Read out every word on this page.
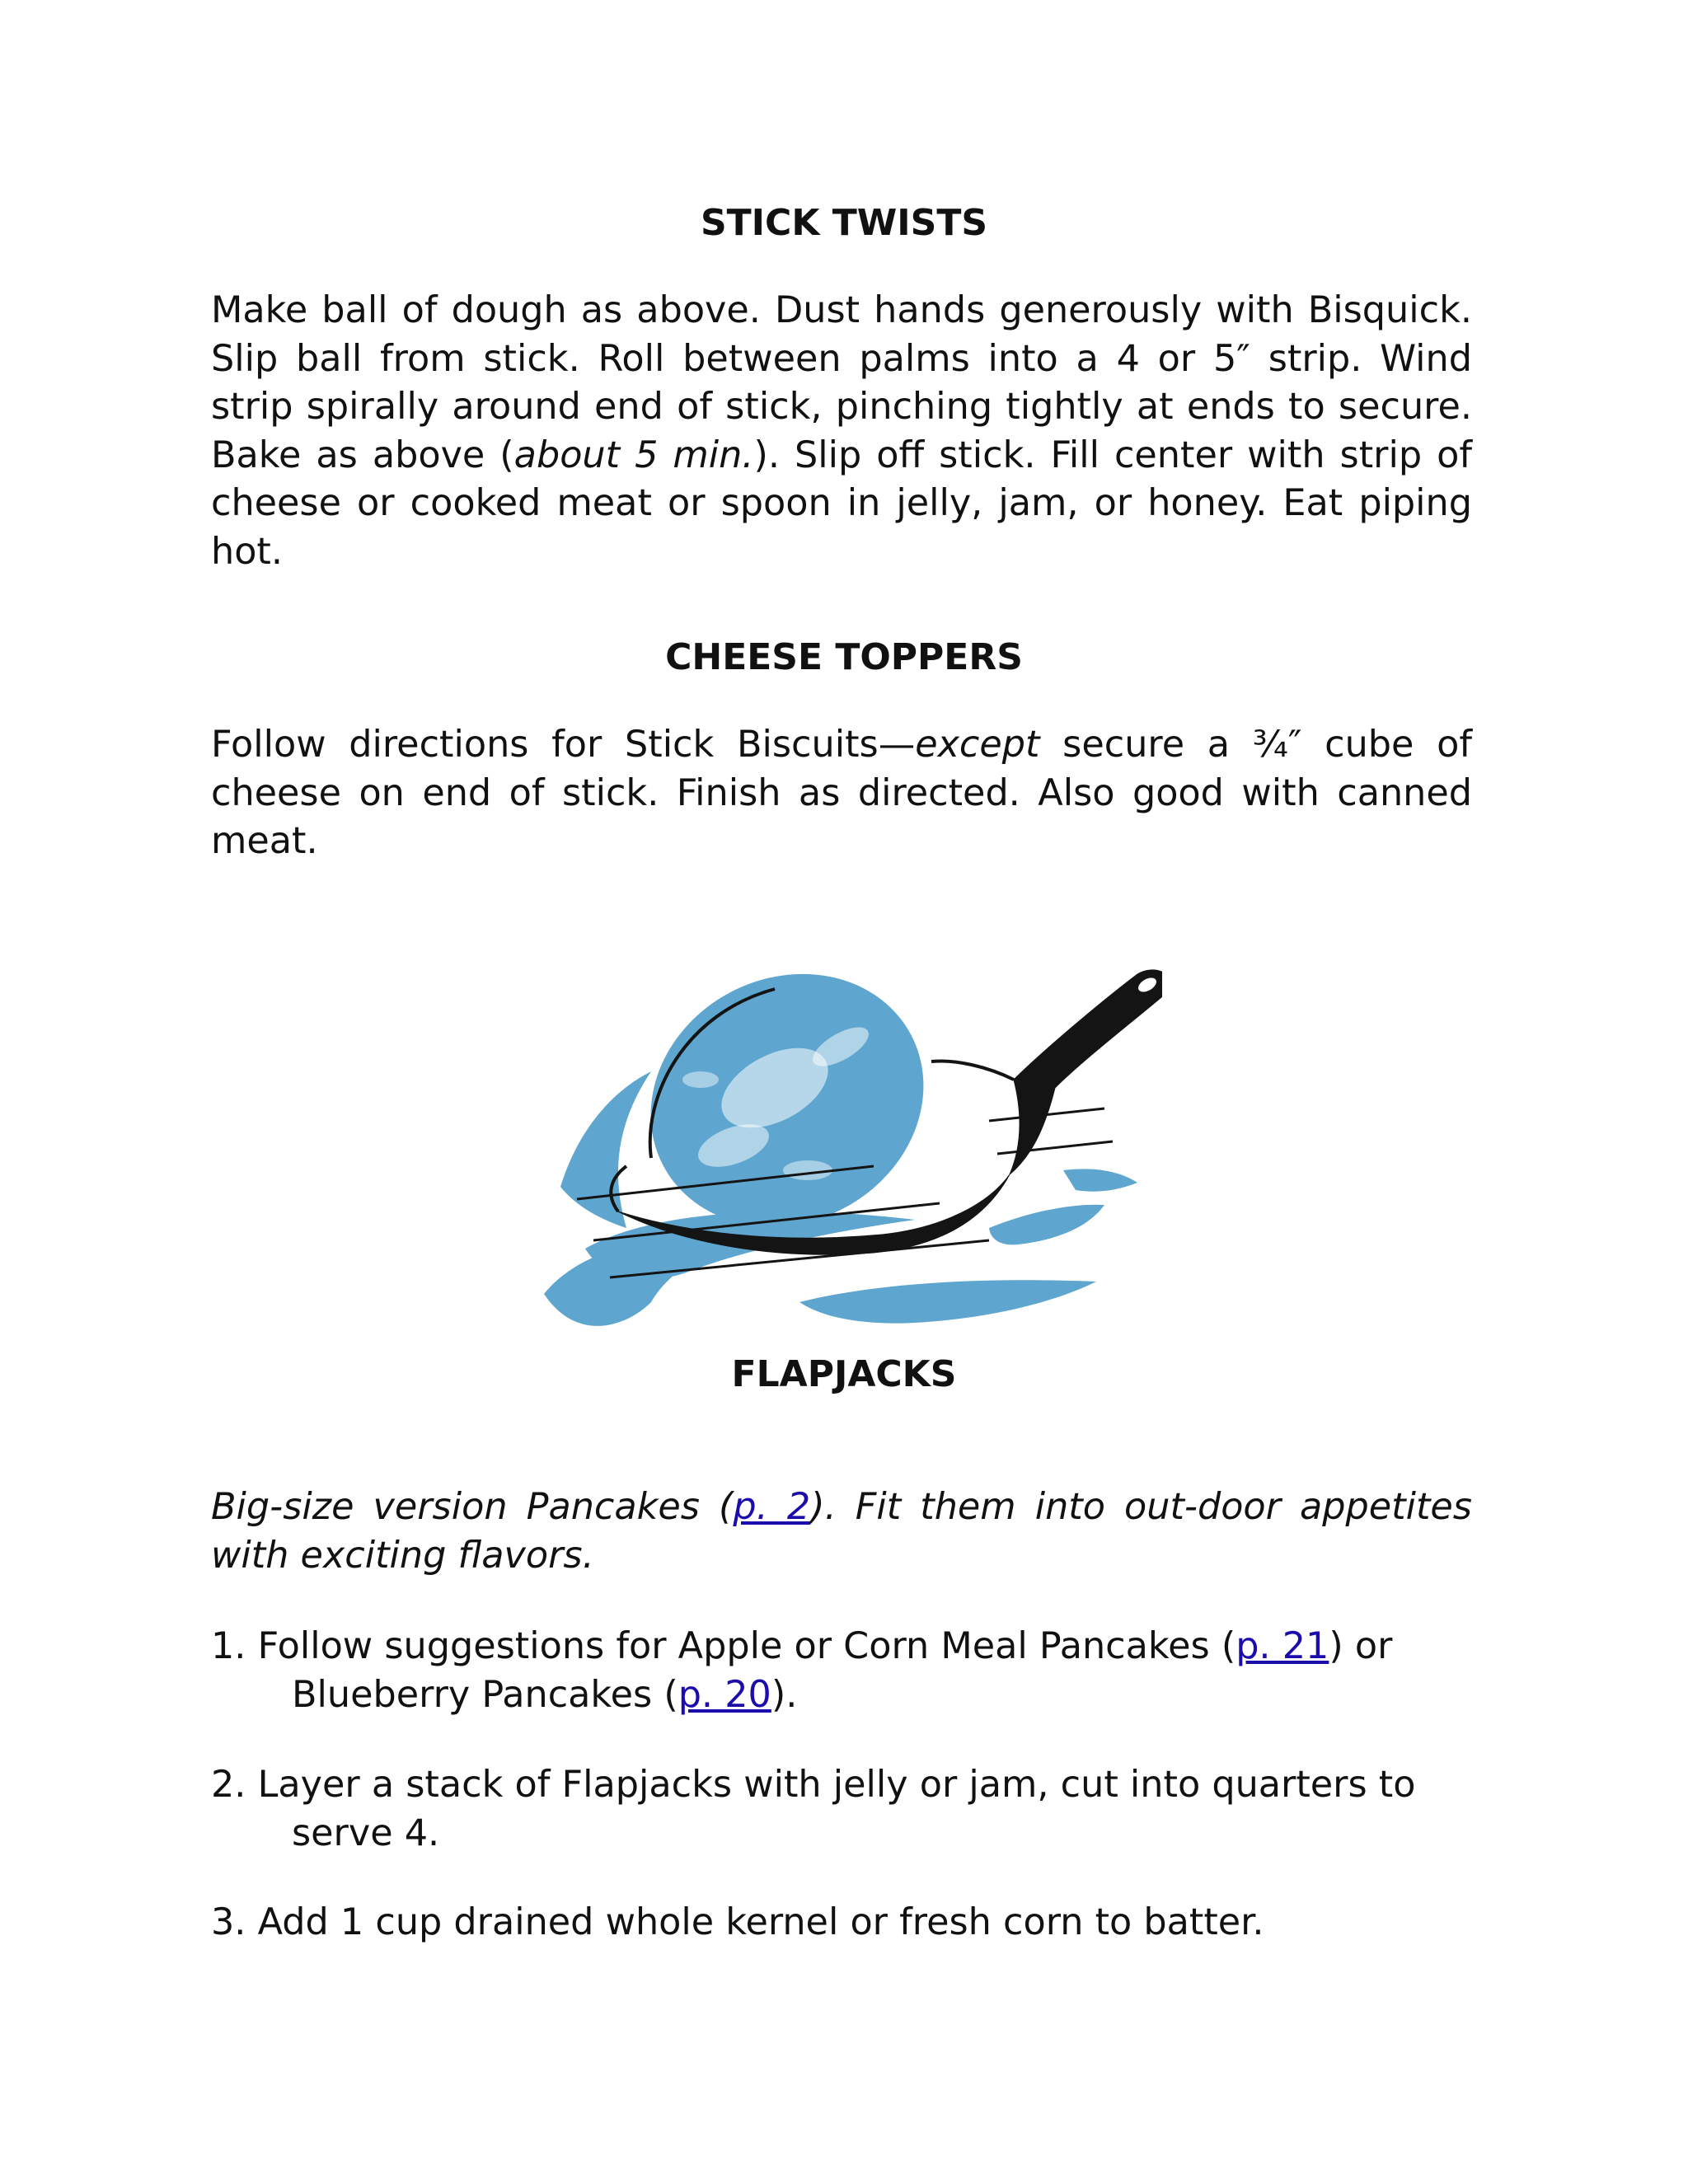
STICK TWISTS

Make ball of dough as above. Dust hands generously with Bisquick. Slip ball from stick. Roll between palms into a 4 or 5″ strip. Wind strip spirally around end of stick, pinching tightly at ends to secure. Bake as above (about 5 min.). Slip off stick. Fill center with strip of cheese or cooked meat or spoon in jelly, jam, or honey. Eat piping hot.

CHEESE TOPPERS

Follow directions for Stick Biscuits—except secure a ¾″ cube of cheese on end of stick. Finish as directed. Also good with canned meat.

FLAPJACKS

Big-size version Pancakes (p. 2). Fit them into out-door appetites with exciting flavors.

1. Follow suggestions for Apple or Corn Meal Pancakes (p. 21) or
Blueberry Pancakes (p. 20).

2. Layer a stack of Flapjacks with jelly or jam, cut into quarters to
serve 4.

3. Add 1 cup drained whole kernel or fresh corn to batter.
